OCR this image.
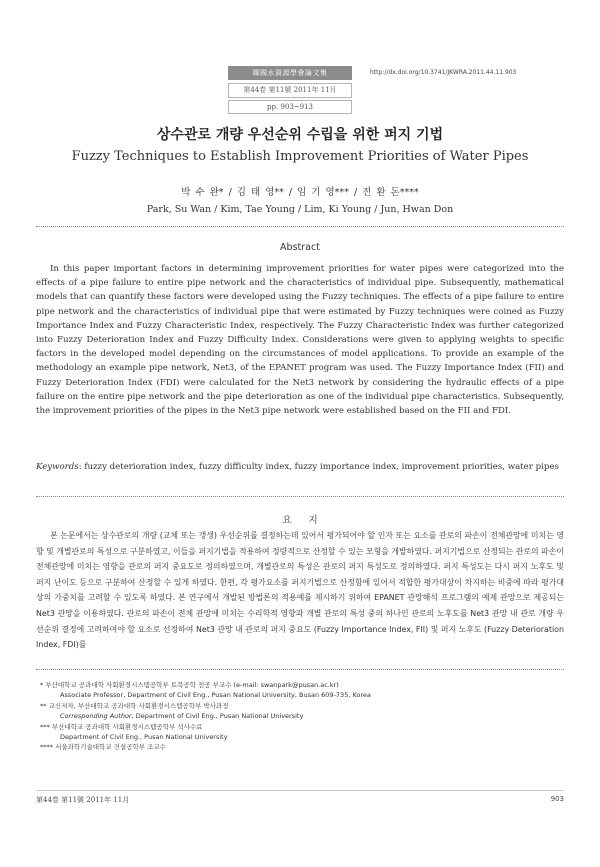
韓國水資源學會論文集
第44卷 第11號 2011年 11月
pp. 903~913
http://dx.doi.org/10.3741/JKWRA.2011.44.11.903
상수관로 개량 우선순위 수립을 위한 퍼지 기법
Fuzzy Techniques to Establish Improvement Priorities of Water Pipes
박 수 완* / 김 태 영** / 임 기 영*** / 전 환 돈****
Park, Su Wan / Kim, Tae Young / Lim, Ki Young / Jun, Hwan Don
Abstract

In this paper important factors in determining improvement priorities for water pipes were categorized into the effects of a pipe failure to entire pipe network and the characteristics of individual pipe. Subsequently, mathematical models that can quantify these factors were developed using the Fuzzy techniques. The effects of a pipe failure to entire pipe network and the characteristics of individual pipe that were estimated by Fuzzy techniques were coined as Fuzzy Importance Index and Fuzzy Characteristic Index, respectively. The Fuzzy Characteristic Index was further categorized into Fuzzy Deterioration Index and Fuzzy Difficulty Index. Considerations were given to applying weights to specific factors in the developed model depending on the circumstances of model applications. To provide an example of the methodology an example pipe network, Net3, of the EPANET program was used. The Fuzzy Importance Index (FII) and Fuzzy Deterioration Index (FDI) were calculated for the Net3 network by considering the hydraulic effects of a pipe failure on the entire pipe network and the pipe deterioration as one of the individual pipe characteristics. Subsequently, the improvement priorities of the pipes in the Net3 pipe network were established based on the FII and FDI.

Keywords: fuzzy deterioration index, fuzzy difficulty index, fuzzy importance index, improvement priorities, water pipes

요 지

본 논문에서는 상수관로의 개량 (교체 또는 갱생) 우선순위를 결정하는데 있어서 평가되어야 할 인자 또는 요소를 관로의 파손이 전체관망에 미치는 영향 및 개별관로의 특성으로 구분하였고, 이들을 퍼지기법을 적용하여 정량적으로 산정할 수 있는 모형을 개발하였다. 퍼지기법으로 산정되는 관로의 파손이 전체관망에 미치는 영향을 관로의 퍼지 중요도로 정의하였으며, 개별관로의 특성은 관로의 퍼지 특성도로 정의하였다. 퍼지 특성도는 다시 퍼지 노후도 및 퍼지 난이도 등으로 구분하여 산정할 수 있게 하였다. 한편, 각 평가요소를 퍼지기법으로 산정함에 있어서 적합한 평가대상이 차지하는 비중에 따라 평가대상의 가중치를 고려할 수 있도록 하였다. 본 연구에서 개발된 방법론의 적용예를 제시하기 위하여 EPANET 관망해석 프로그램의 예제 관망으로 제공되는 Net3 관망을 이용하였다. 관로의 파손이 전체 관망에 미치는 수리학적 영향과 개별 관로의 특성 중의 하나인 관로의 노후도를 Net3 관망 내 관로 개량 우선순위 결정에 고려하여야 할 요소로 선정하여 Net3 관망 내 관로의 퍼지 중요도 (Fuzzy Importance Index, FII) 및 퍼지 노후도 (Fuzzy Deterioration Index, FDI)를

* 부산대학교 공과대학 사회환경시스템공학부 토목공학 전공 부교수 (e-mail: swanpark@pusan.ac.kr)
Associate Professor, Department of Civil Eng., Pusan National University, Busan 609-735, Korea
** 교신저자, 부산대학교 공과대학 사회환경시스템공학부 박사과정
Corresponding Author, Department of Civil Eng., Pusan National University
*** 부산대학교 공과대학 사회환경시스템공학부 석사수료
Department of Civil Eng., Pusan National University
**** 서울과학기술대학교 건설공학부 조교수
第44卷 第11號 2011年 11月	903
